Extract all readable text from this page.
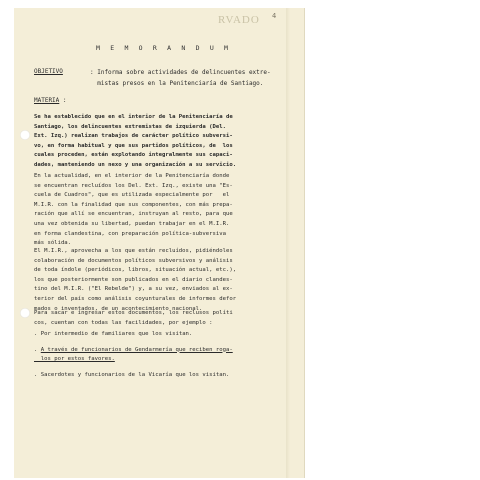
RVADO 4
M E M O R A N D U M
OBJETIVO	: Informa sobre actividades de delincuentes extre-
mistas presos en la Penitenciaría de Santiago.
MATERIA :
Se ha establecido que en el interior de la Penitenciaría de
Santiago, los delincuentes extremistas de izquierda (Del.
Ext. Izq.) realizan trabajos de carácter político subversi-
vo, en forma habitual y que sus partidos políticos, de  los
cuales proceden, están explotando integralmente sus capaci-
dades, manteniendo un nexo y una organización a su servicio.
En la actualidad, en el interior de la Penitenciaría donde
se encuentran recluídos los Del. Ext. Izq., existe una "Es-
cuela de Cuadros", que es utilizada especialmente por   el
M.I.R. con la finalidad que sus componentes, con más prepa-
ración que allí se encuentran, instruyan al resto, para que
una vez obtenida su libertad, puedan trabajar en el M.I.R.
en forma clandestina, con preparación política-subversiva
más sólida.
El M.I.R., aprovecha a los que están recluídos, pidiéndoles
colaboración de documentos políticos subversivos y análisis
de toda índole (periódicos, libros, situación actual, etc.),
los que posteriormente son publicados en el diario clandes-
tino del M.I.R. ("El Rebelde") y, a su vez, enviados al ex-
terior del país como análisis coyunturales de informes defor
mados o inventados, de un acontecimiento nacional.
Para sacar e ingresar estos documentos, los reclusos políti
cos, cuentan con todas las facilidades, por ejemplo :
. Por intermedio de familiares que los visitan.
. A través de funcionarios de Gendarmería que reciben roga-
los por estos favores.
. Sacerdotes y funcionarios de la Vicaría que los visitan.
